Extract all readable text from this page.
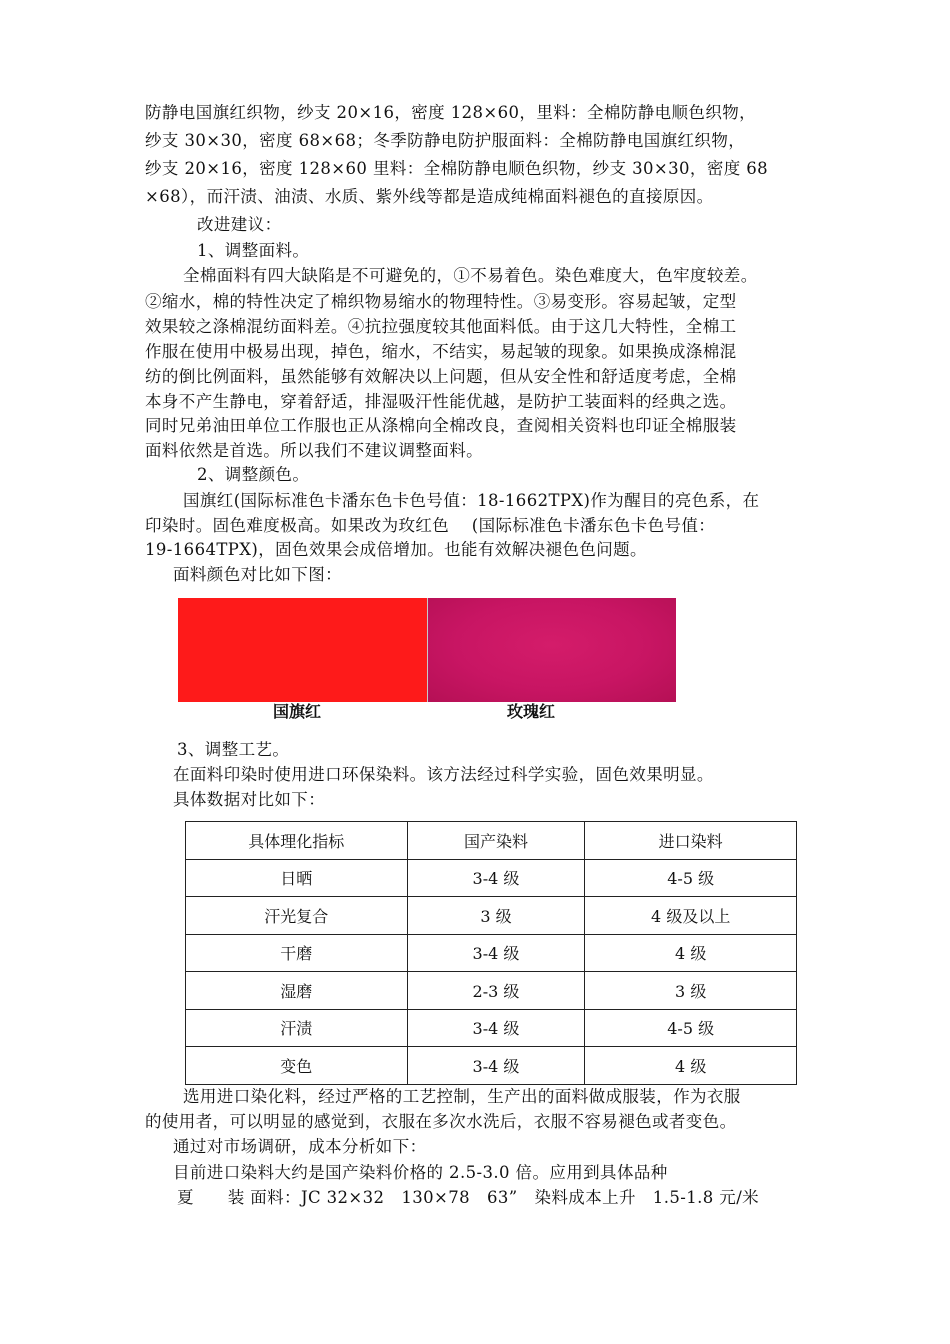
防静电国旗红织物，纱支 20×16，密度 128×60，里料：全棉防静电顺色织物，
纱支 30×30，密度 68×68；冬季防静电防护服面料：全棉防静电国旗红织物，
纱支 20×16，密度 128×60 里料：全棉防静电顺色织物，纱支 30×30，密度 68
×68），而汗渍、油渍、水质、紫外线等都是造成纯棉面料褪色的直接原因。
改进建议：
1、调整面料。
全棉面料有四大缺陷是不可避免的，①不易着色。染色难度大，色牢度较差。
②缩水，棉的特性决定了棉织物易缩水的物理特性。③易变形。容易起皱，定型
效果较之涤棉混纺面料差。④抗拉强度较其他面料低。由于这几大特性，全棉工
作服在使用中极易出现，掉色，缩水，不结实，易起皱的现象。如果换成涤棉混
纺的倒比例面料，虽然能够有效解决以上问题，但从安全性和舒适度考虑，全棉
本身不产生静电，穿着舒适，排湿吸汗性能优越，是防护工装面料的经典之选。
同时兄弟油田单位工作服也正从涤棉向全棉改良，查阅相关资料也印证全棉服装
面料依然是首选。所以我们不建议调整面料。
2、调整颜色。
国旗红(国际标准色卡潘东色卡色号值：18-1662TPX)作为醒目的亮色系，在
印染时。固色难度极高。如果改为玫红色　 (国际标准色卡潘东色卡色号值：
19-1664TPX)，固色效果会成倍增加。也能有效解决褪色色问题。
面料颜色对比如下图：
国旗红	玫瑰红
3、调整工艺。
在面料印染时使用进口环保染料。该方法经过科学实验，固色效果明显。
具体数据对比如下：
具体理化指标	国产染料	进口染料
日晒	3-4 级	4-5 级
汗光复合	3 级	4 级及以上
干磨	3-4 级	4 级
湿磨	2-3 级	3 级
汗渍	3-4 级	4-5 级
变色	3-4 级	4 级
选用进口染化料，经过严格的工艺控制，生产出的面料做成服装，作为衣服
的使用者，可以明显的感觉到，衣服在多次水洗后，衣服不容易褪色或者变色。
通过对市场调研，成本分析如下：
目前进口染料大约是国产染料价格的 2.5-3.0 倍。应用到具体品种
夏　　装 面料：JC 32×32　130×78　63”　染料成本上升　1.5-1.8 元/米
